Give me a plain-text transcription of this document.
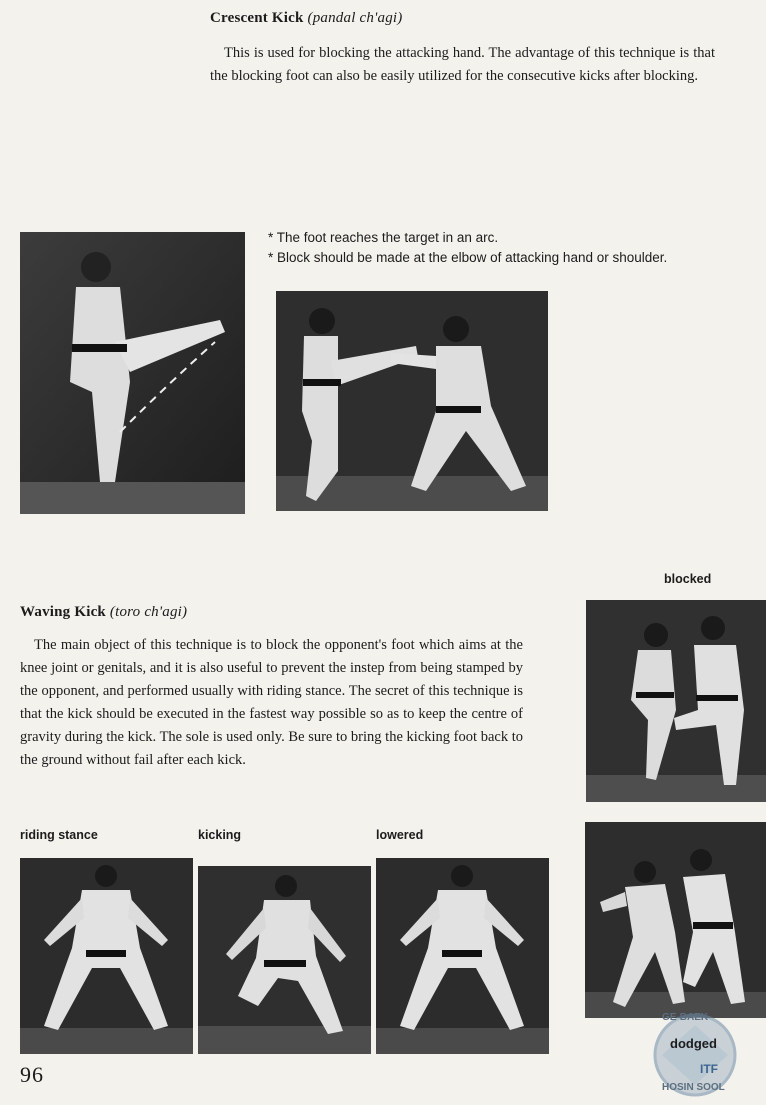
Crescent Kick (pandal ch'agi)

This is used for blocking the attacking hand. The advantage of this technique is that the blocking foot can also be easily utilized for the consecutive kicks after blocking.

* The foot reaches the target in an arc.

* Block should be made at the elbow of attacking hand or shoulder.

Waving Kick (toro ch'agi)

The main object of this technique is to block the opponent's foot which aims at the knee joint or genitals, and it is also useful to prevent the instep from being stamped by the opponent, and performed usually with riding stance. The secret of this technique is that the kick should be executed in the fastest way possible so as to keep the centre of gravity during the kick. The sole is used only. Be sure to bring the kicking foot back to the ground without fail after each kick.

blocked
riding stance	kicking	lowered
GE-BAEK
dodged
ITF
HOSIN SOOL
96
